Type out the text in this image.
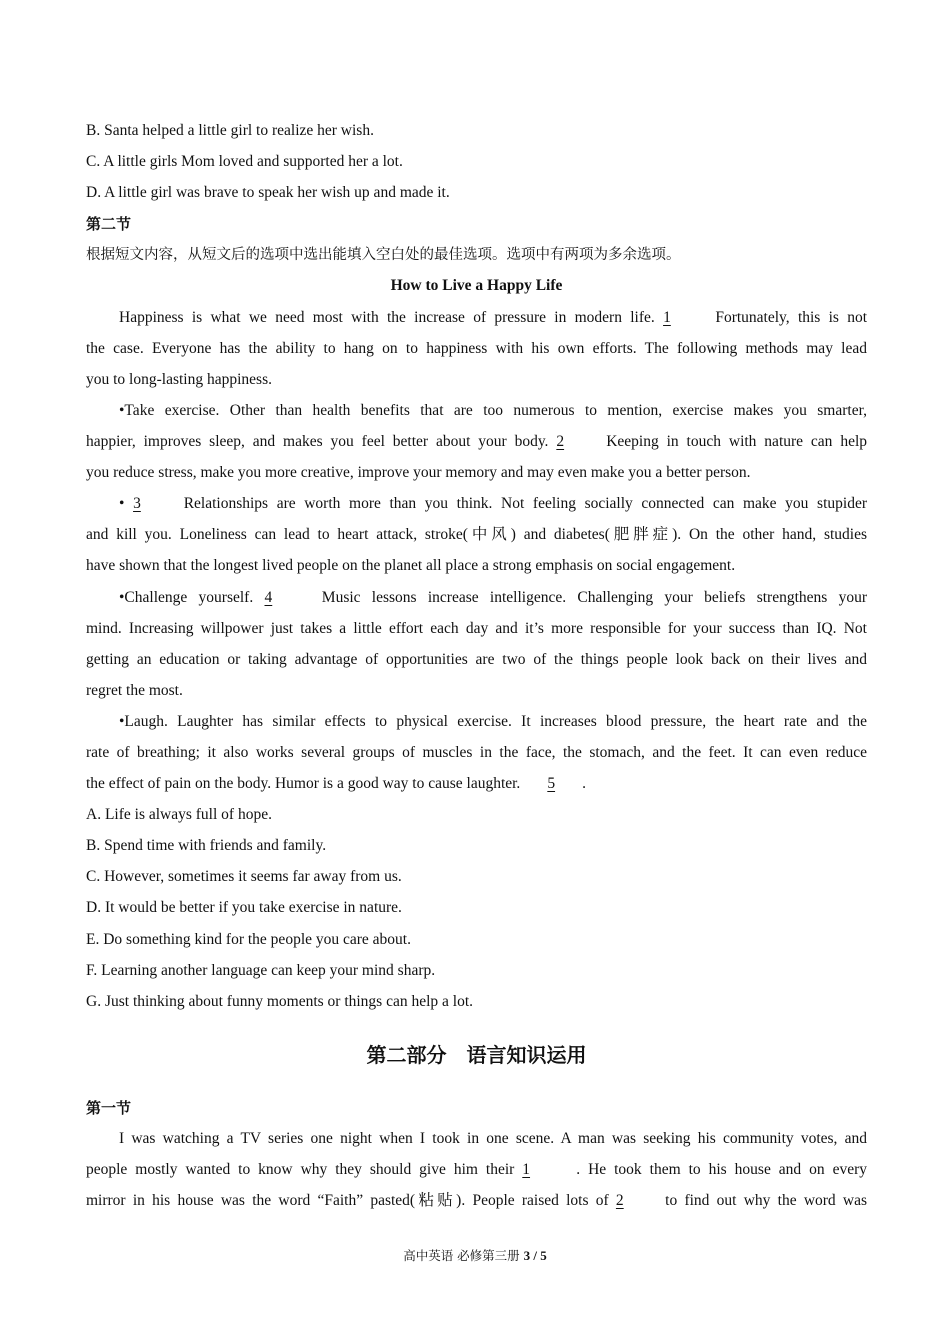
B. Santa helped a little girl to realize her wish.
C. A little girls Mom loved and supported her a lot.
D. A little girl was brave to speak her wish up and made it.
第二节
根据短文内容，从短文后的选项中选出能填入空白处的最佳选项。选项中有两项为多余选项。
How to Live a Happy Life
Happiness is what we need most with the increase of pressure in modern life. 1	Fortunately, this is not
the case. Everyone has the ability to hang on to happiness with his own efforts. The following methods may lead
you to long-lasting happiness.
•Take exercise. Other than health benefits that are too numerous to mention, exercise makes you smarter,
happier, improves sleep, and makes you feel better about your body. 2	Keeping in touch with nature can help
you reduce stress, make you more creative, improve your memory and may even make you a better person.
• 3	Relationships are worth more than you think. Not feeling socially connected can make you stupider
and kill you. Loneliness can lead to heart attack, stroke(中风) and diabetes(肥胖症). On the other hand, studies
have shown that the longest lived people on the planet all place a strong emphasis on social engagement.
•Challenge yourself. 4	Music lessons increase intelligence. Challenging your beliefs strengthens your
mind. Increasing willpower just takes a little effort each day and it’s more responsible for your success than IQ. Not
getting an education or taking advantage of opportunities are two of the things people look back on their lives and
regret the most.
•Laugh. Laughter has similar effects to physical exercise. It increases blood pressure, the heart rate and the
rate of breathing; it also works several groups of muscles in the face, the stomach, and the feet. It can even reduce
the effect of pain on the body. Humor is a good way to cause laughter. 5 .
A. Life is always full of hope.
B. Spend time with friends and family.
C. However, sometimes it seems far away from us.
D. It would be better if you take exercise in nature.
E. Do something kind for the people you care about.
F. Learning another language can keep your mind sharp.
G. Just thinking about funny moments or things can help a lot.
第二部分　语言知识运用
第一节
I was watching a TV series one night when I took in one scene. A man was seeking his community votes, and
people mostly wanted to know why they should give him their 1	. He took them to his house and on every
mirror in his house was the word “Faith” pasted(粘贴). People raised lots of 2	to find out why the word was
高中英语 必修第三册 3 / 5
